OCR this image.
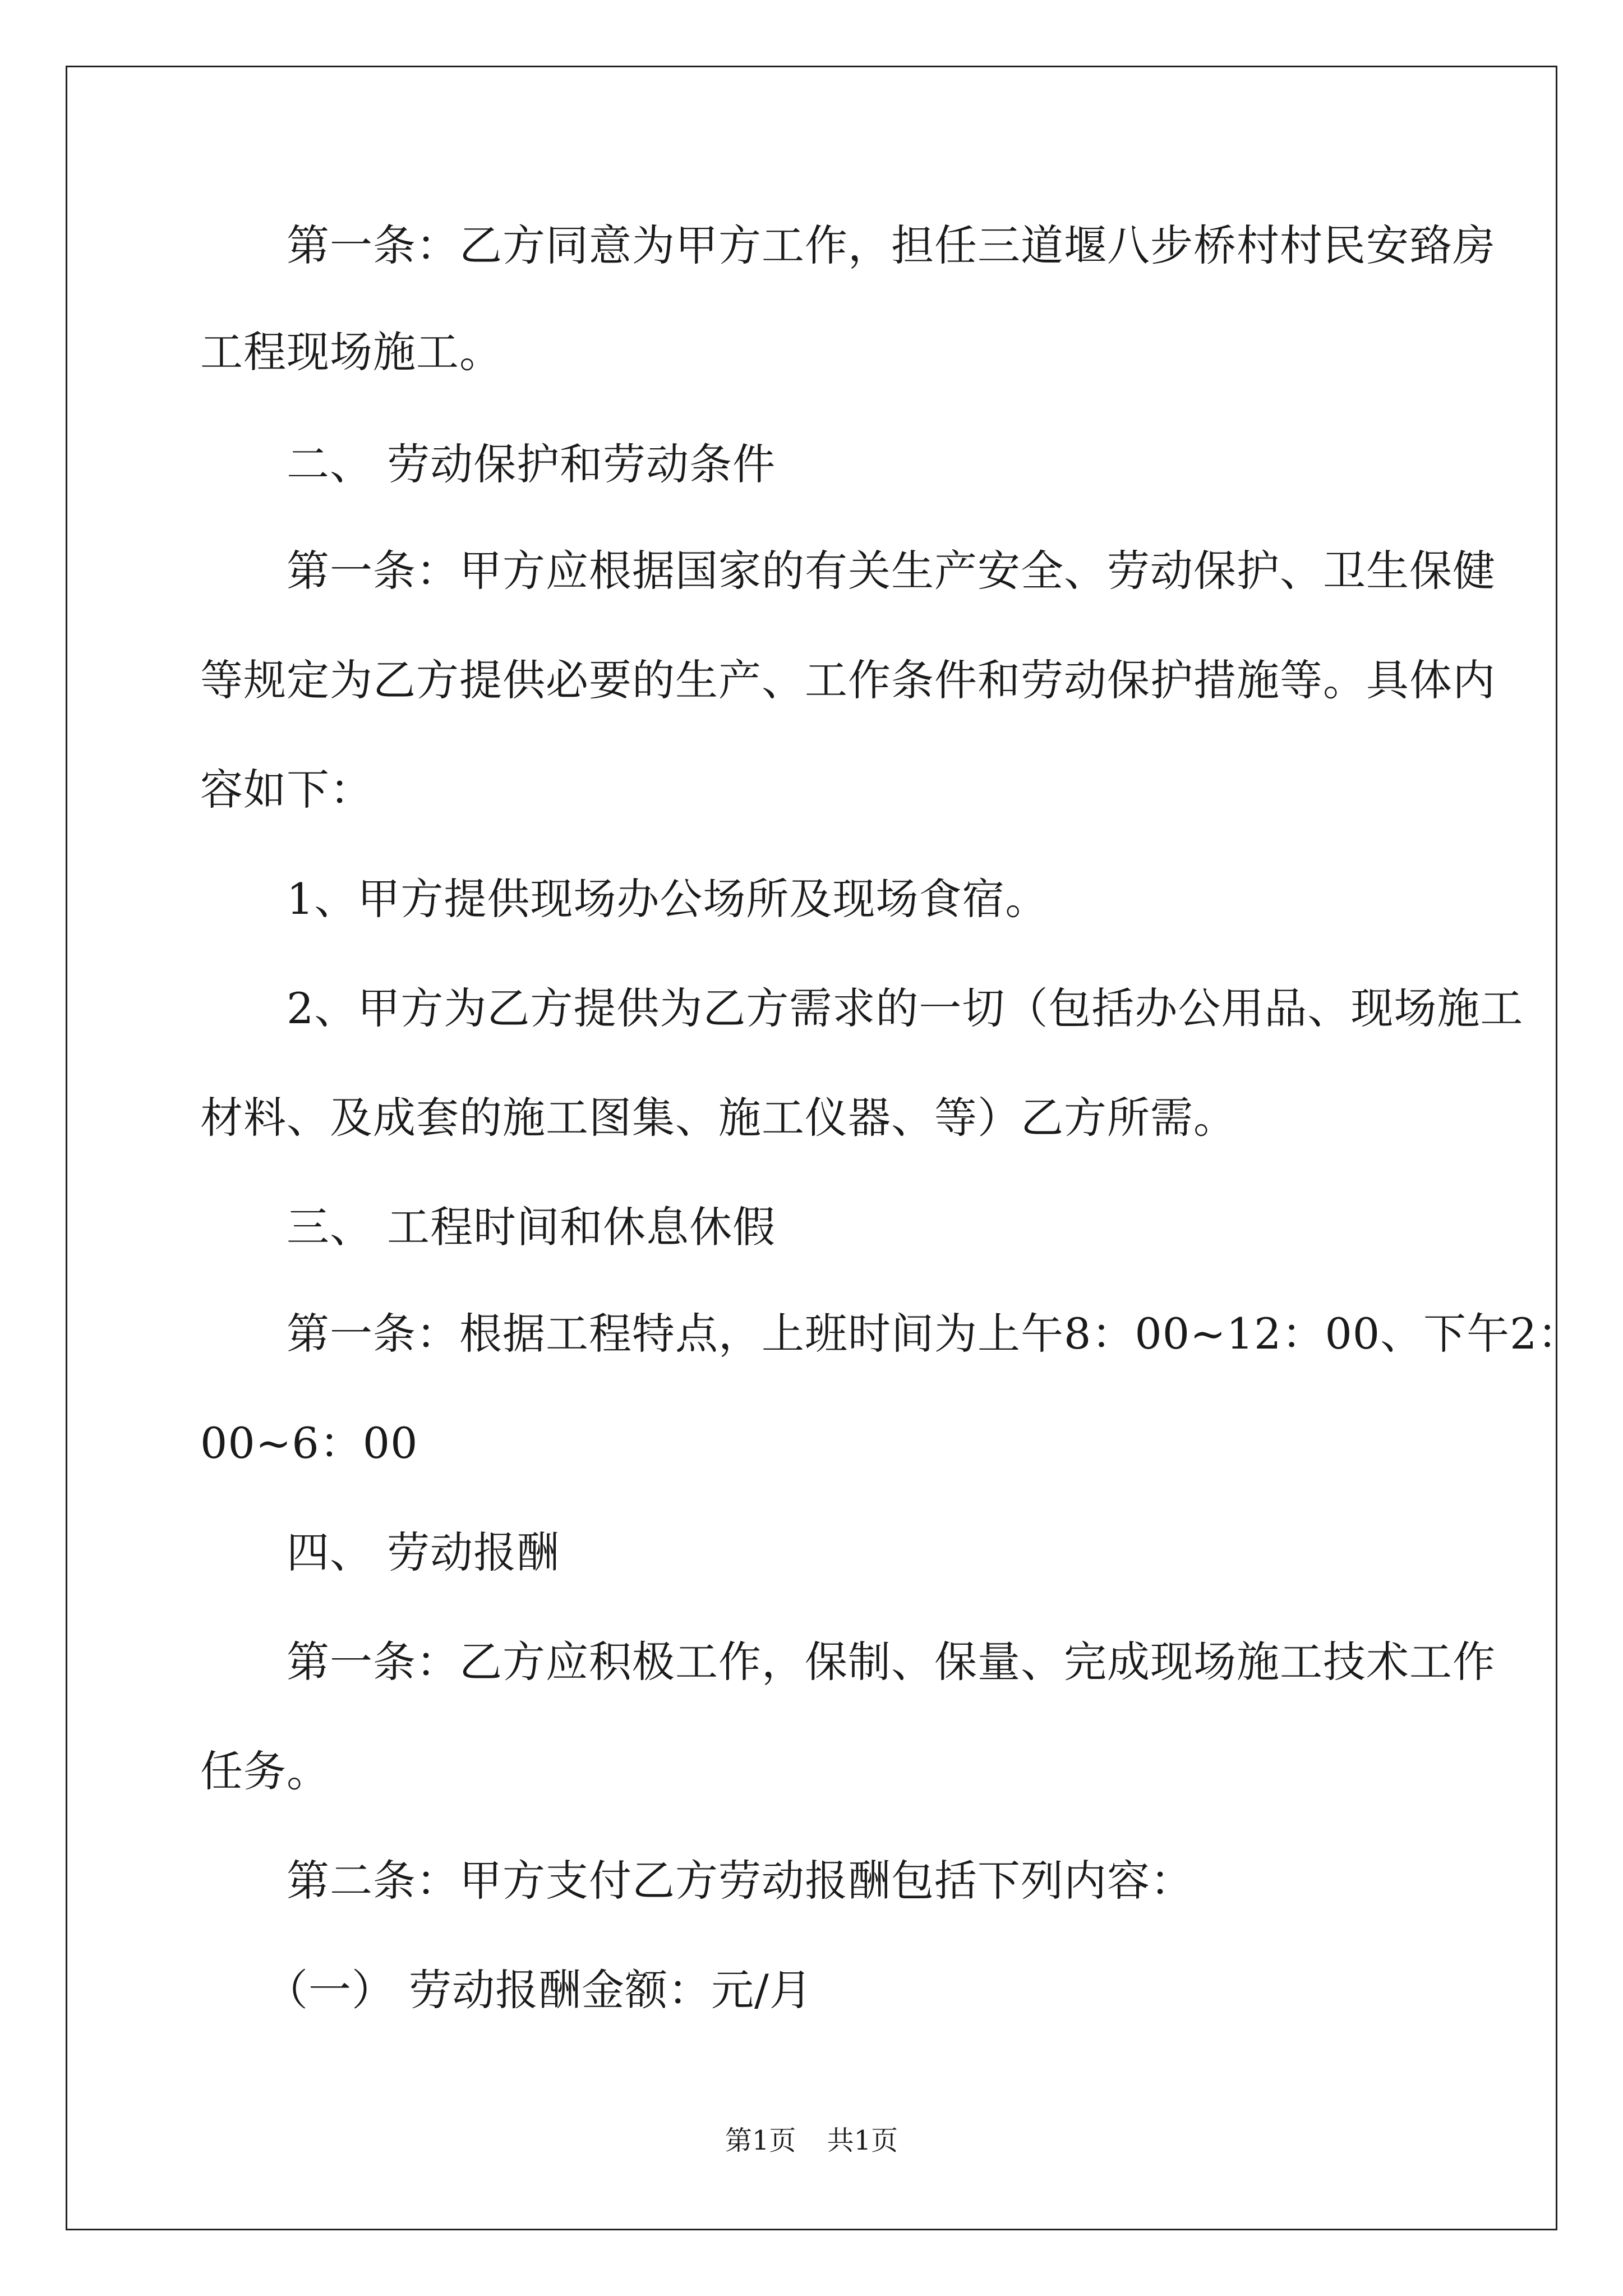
　　第一条：乙方同意为甲方工作，担任三道堰八步桥村村民安臵房
工程现场施工。
　　二、 劳动保护和劳动条件
　　第一条：甲方应根据国家的有关生产安全、劳动保护、卫生保健
等规定为乙方提供必要的生产、工作条件和劳动保护措施等。具体内
容如下：
　　1、甲方提供现场办公场所及现场食宿。
　　2、甲方为乙方提供为乙方需求的一切（包括办公用品、现场施工
材料、及成套的施工图集、施工仪器、等）乙方所需。
　　三、 工程时间和休息休假
　　第一条：根据工程特点，上班时间为上午8：00~12：00、下午2：
00~6：00
　　四、 劳动报酬
　　第一条：乙方应积极工作，保制、保量、完成现场施工技术工作
任务。
　　第二条：甲方支付乙方劳动报酬包括下列内容：
　　（一） 劳动报酬金额：元/月
第1页 共1页
